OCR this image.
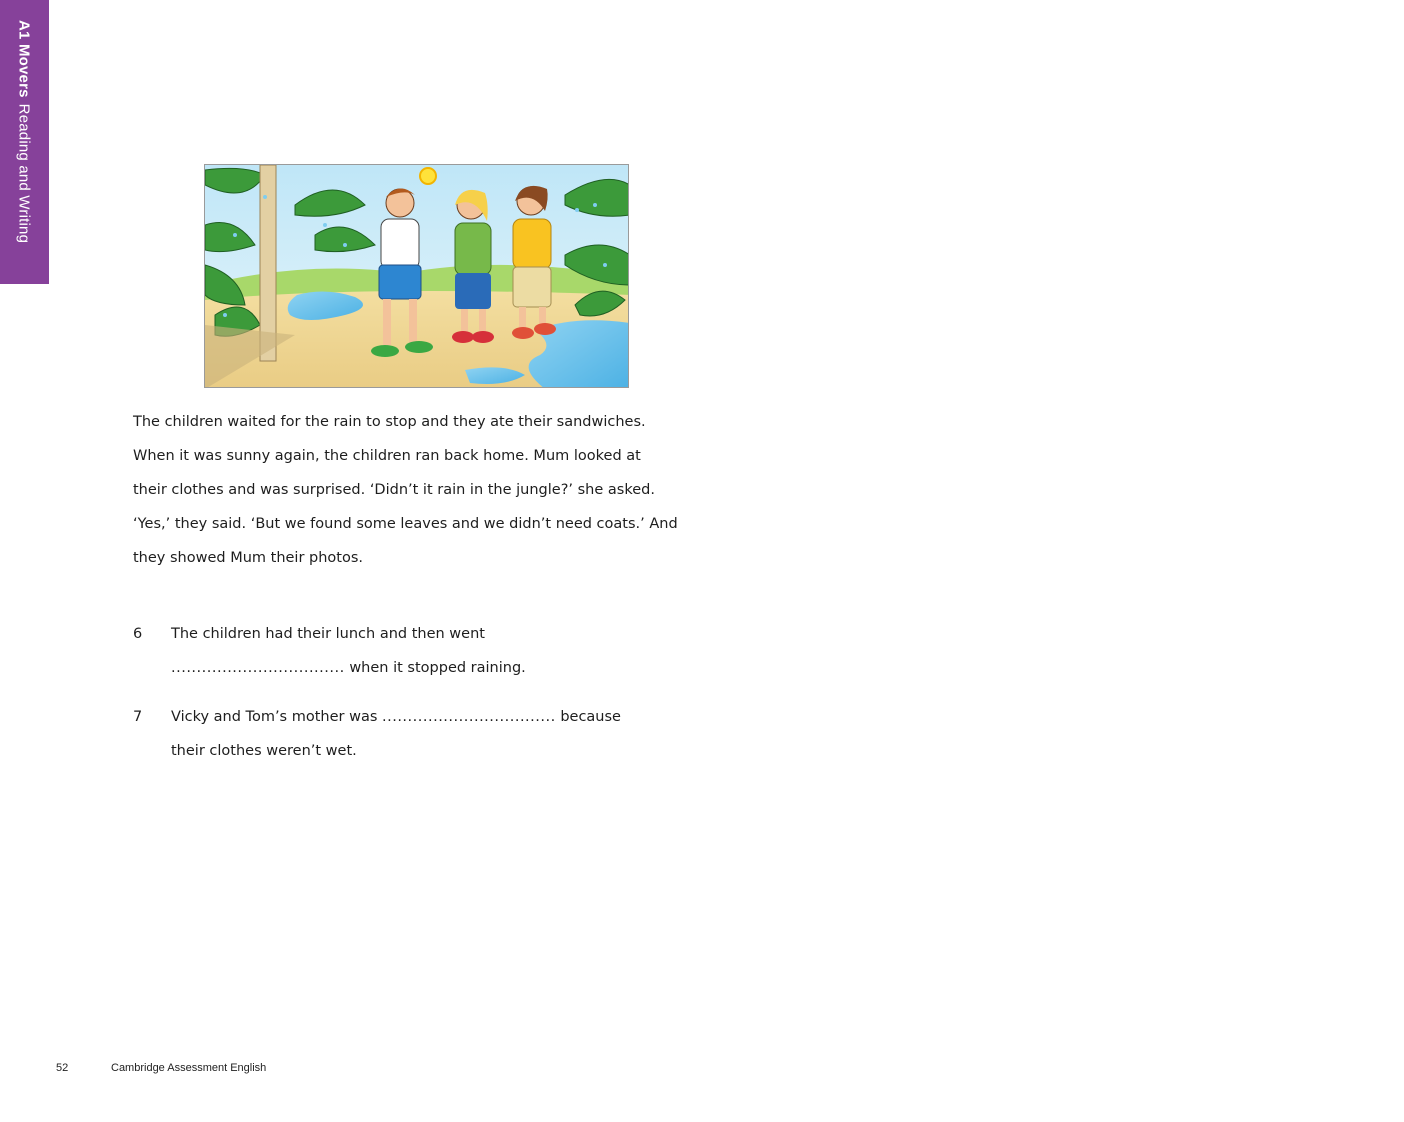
A1 MoversReading and Writing

The children waited for the rain to stop and they ate their sandwiches.

When it was sunny again, the children ran back home. Mum looked at

their clothes and was surprised. ‘Didn’t it rain in the jungle?’ she asked.

‘Yes,’ they said. ‘But we found some leaves and we didn’t need coats.’ And

they showed Mum their photos.

6	The children had their lunch and then went

.................................. when it stopped raining.

7	Vicky and Tom’s mother was .................................. because

their clothes weren’t wet.

52	Cambridge Assessment English
